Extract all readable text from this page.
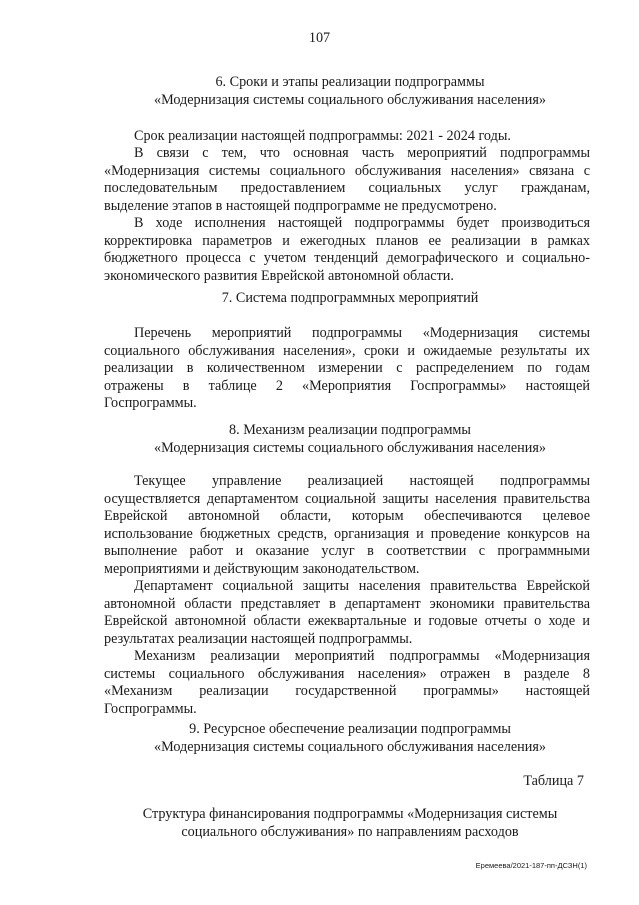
107
6. Сроки и этапы реализации подпрограммы
«Модернизация системы социального обслуживания населения»
Срок реализации настоящей подпрограммы: 2021 - 2024 годы.
В связи с тем, что основная часть мероприятий подпрограммы
«Модернизация системы социального обслуживания населения» связана с
последовательным предоставлением социальных услуг гражданам,
выделение этапов в настоящей подпрограмме не предусмотрено.
В ходе исполнения настоящей подпрограммы будет производиться
корректировка параметров и ежегодных планов ее реализации в рамках
бюджетного процесса с учетом тенденций демографического и социально-
экономического развития Еврейской автономной области.
7. Система подпрограммных мероприятий
Перечень мероприятий подпрограммы «Модернизация системы
социального обслуживания населения», сроки и ожидаемые результаты их
реализации в количественном измерении с распределением по годам
отражены в таблице 2 «Мероприятия Госпрограммы» настоящей
Госпрограммы.
8. Механизм реализации подпрограммы
«Модернизация системы социального обслуживания населения»
Текущее управление реализацией настоящей подпрограммы
осуществляется департаментом социальной защиты населения правительства
Еврейской автономной области, которым обеспечиваются целевое
использование бюджетных средств, организация и проведение конкурсов на
выполнение работ и оказание услуг в соответствии с программными
мероприятиями и действующим законодательством.
Департамент социальной защиты населения правительства Еврейской
автономной области представляет в департамент экономики правительства
Еврейской автономной области ежеквартальные и годовые отчеты о ходе и
результатах реализации настоящей подпрограммы.
Механизм реализации мероприятий подпрограммы «Модернизация
системы социального обслуживания населения» отражен в разделе 8
«Механизм реализации государственной программы» настоящей
Госпрограммы.
9. Ресурсное обеспечение реализации подпрограммы
«Модернизация системы социального обслуживания населения»
Таблица 7
Структура финансирования подпрограммы «Модернизация системы
социального обслуживания» по направлениям расходов
Еремеева/2021-187-пп-ДСЗН(1)
